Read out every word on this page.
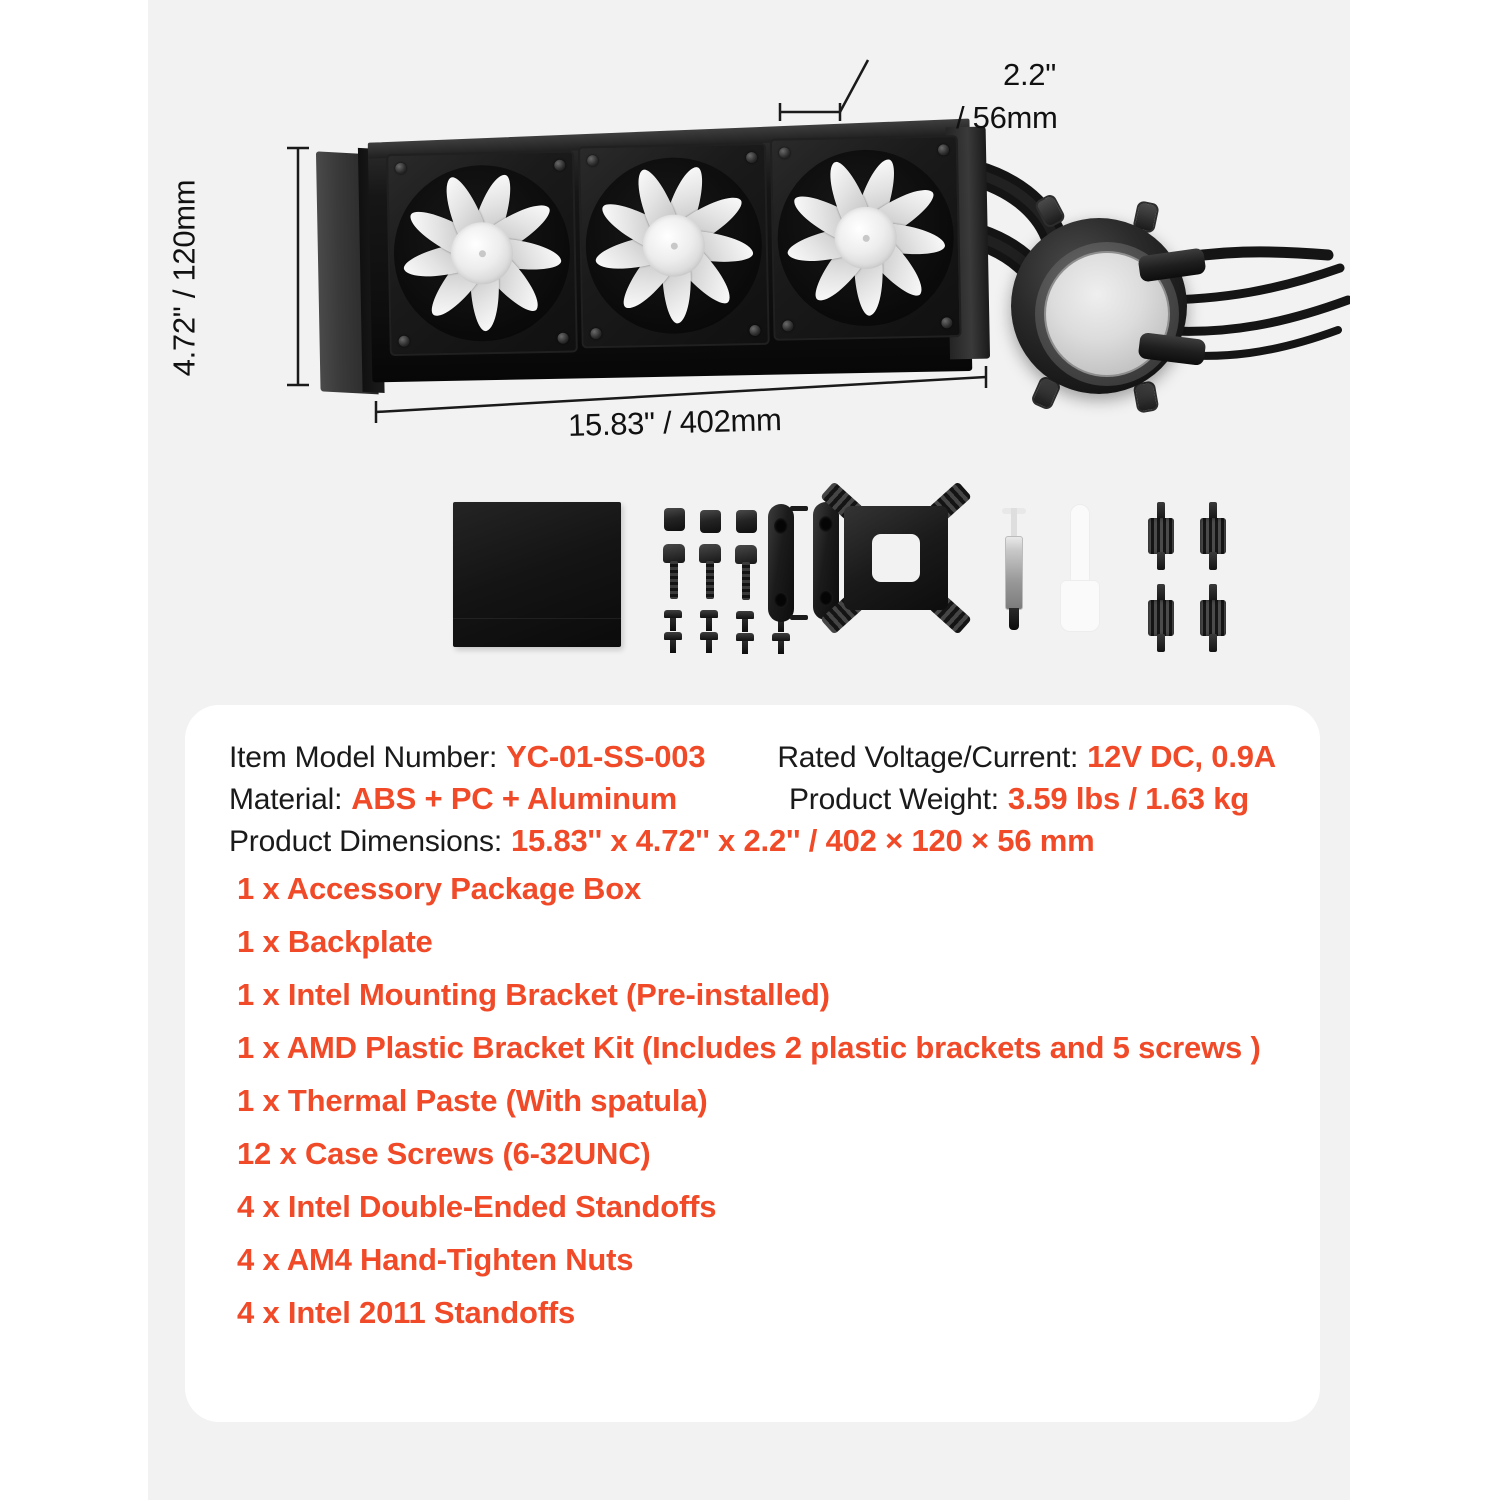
2.2"
/ 56mm
4.72" / 120mm
15.83" / 402mm
Item Model Number: YC-01-SS-003 Rated Voltage/Current: 12V DC, 0.9A
Material: ABS + PC + Aluminum	Product Weight: 3.59 lbs / 1.63 kg
Product Dimensions: 15.83'' x 4.72'' x 2.2'' / 402 × 120 × 56 mm
1 x Accessory Package Box
1 x Backplate
1 x Intel Mounting Bracket (Pre-installed)
1 x AMD Plastic Bracket Kit (Includes 2 plastic brackets and 5 screws )
1 x Thermal Paste (With spatula)
12 x Case Screws (6-32UNC)
4 x Intel Double-Ended Standoffs
4 x AM4 Hand-Tighten Nuts
4 x Intel 2011 Standoffs
